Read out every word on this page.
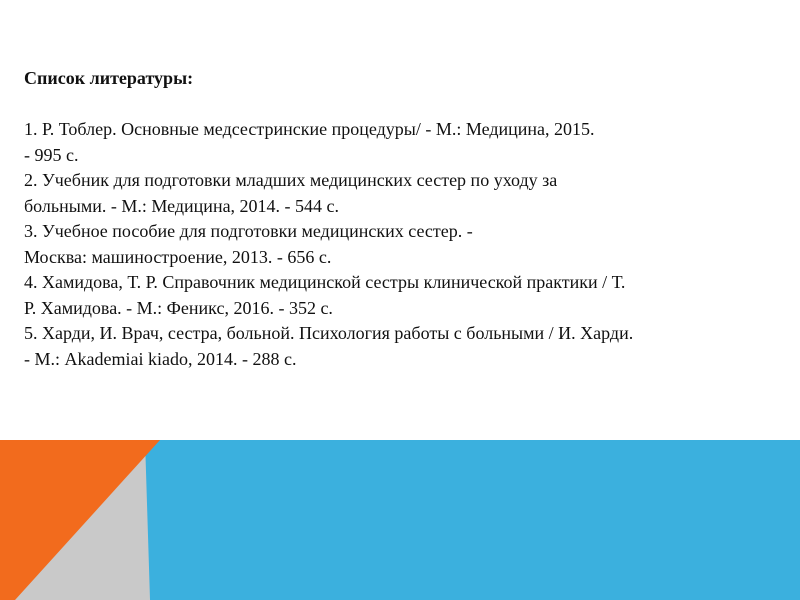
Список литературы:
1. Р. Тоблер. Основные медсестринские процедуры/ - М.: Медицина, 2015.
- 995 с.
2. Учебник для подготовки младших медицинских сестер по уходу за
больными. - М.: Медицина, 2014. - 544 с.
3. Учебное пособие для подготовки медицинских сестер. -
Москва: машиностроение, 2013. - 656 с.
4. Хамидова, Т. Р. Справочник медицинской сестры клинической практики / Т.
Р. Хамидова. - М.: Феникс, 2016. - 352 с.
5. Харди, И. Врач, сестра, больной. Психология работы с больными / И. Харди.
- М.: Akademiai kiado, 2014. - 288 с.
